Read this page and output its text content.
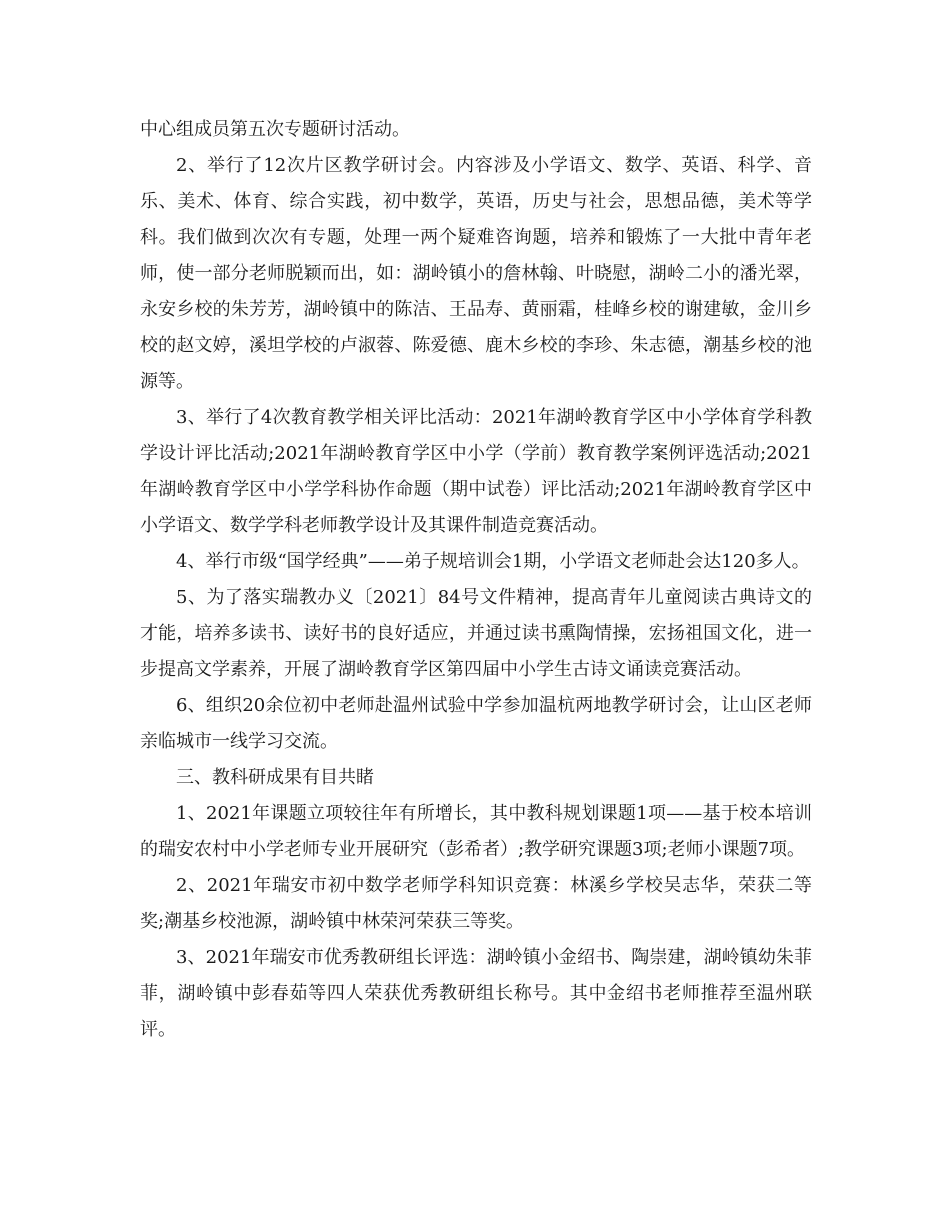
中心组成员第五次专题研讨活动。

2、举行了12次片区教学研讨会。内容涉及小学语文、数学、英语、科学、音乐、美术、体育、综合实践，初中数学，英语，历史与社会，思想品德，美术等学科。我们做到次次有专题，处理一两个疑难咨询题，培养和锻炼了一大批中青年老师，使一部分老师脱颖而出，如：湖岭镇小的詹林翰、叶晓慰，湖岭二小的潘光翠，永安乡校的朱芳芳，湖岭镇中的陈洁、王品寿、黄丽霜，桂峰乡校的谢建敏，金川乡校的赵文婷，溪坦学校的卢淑蓉、陈爱德、鹿木乡校的李珍、朱志德，潮基乡校的池源等。

3、举行了4次教育教学相关评比活动：2021年湖岭教育学区中小学体育学科教学设计评比活动;2021年湖岭教育学区中小学（学前）教育教学案例评选活动;2021年湖岭教育学区中小学学科协作命题（期中试卷）评比活动;2021年湖岭教育学区中小学语文、数学学科老师教学设计及其课件制造竞赛活动。

4、举行市级“国学经典”——弟子规培训会1期，小学语文老师赴会达120多人。

5、为了落实瑞教办义〔2021〕84号文件精神，提高青年儿童阅读古典诗文的才能，培养多读书、读好书的良好适应，并通过读书熏陶情操，宏扬祖国文化，进一步提高文学素养，开展了湖岭教育学区第四届中小学生古诗文诵读竞赛活动。

6、组织20余位初中老师赴温州试验中学参加温杭两地教学研讨会，让山区老师亲临城市一线学习交流。

三、教科研成果有目共睹

1、2021年课题立项较往年有所增长，其中教科规划课题1项——基于校本培训的瑞安农村中小学老师专业开展研究（彭希者）;教学研究课题3项;老师小课题7项。

2、2021年瑞安市初中数学老师学科知识竞赛：林溪乡学校吴志华，荣获二等奖;潮基乡校池源，湖岭镇中林荣河荣获三等奖。

3、2021年瑞安市优秀教研组长评选：湖岭镇小金绍书、陶崇建，湖岭镇幼朱菲菲，湖岭镇中彭春茹等四人荣获优秀教研组长称号。其中金绍书老师推荐至温州联评。
